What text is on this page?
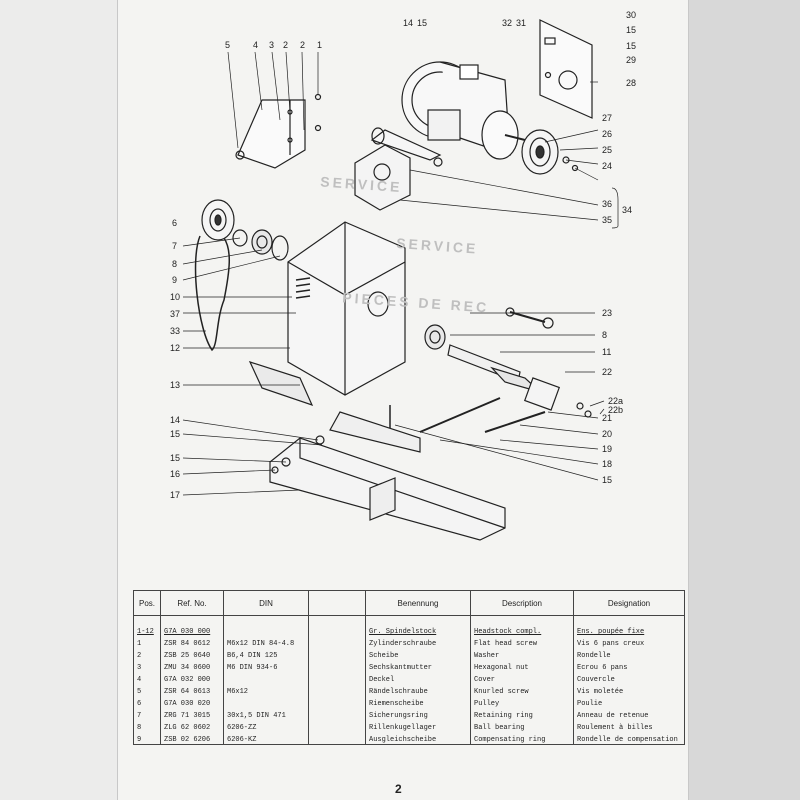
SERVICE
SERVICE
PIECES DE REC
1
2
2
3
4
5
6
7
8
9
10
37
33
12
13
14
15
15
16
17
14 15	32 31
30
15
15
29
28
27
26
25
24
36
35
34
23
8
11
22
22a
22b
21
20
19
18
15
Pos.	Ref. No.	DIN		Benennung	Description	Designation
1-12	G7A 030 000			Gr. Spindelstock	Headstock compl.	Ens. poupée fixe
1	ZSR 84 0612	M6x12 DIN 84-4.8		Zylinderschraube	Flat head screw	Vis 6 pans creux
2	ZSB 25 0640	B6,4 DIN 125		Scheibe	Washer	Rondelle
3	ZMU 34 0600	M6 DIN 934-6		Sechskantmutter	Hexagonal nut	Ecrou 6 pans
4	G7A 032 000			Deckel	Cover	Couvercle
5	ZSR 64 0613	M6x12		Rändelschraube	Knurled screw	Vis moletée
6	G7A 030 020			Riemenscheibe	Pulley	Poulie
7	ZRG 71 3015	30x1,5 DIN 471		Sicherungsring	Retaining ring	Anneau de retenue
8	ZLG 62 0602	6206-ZZ		Rillenkugellager	Ball bearing	Roulement à billes
9	ZSB 02 6206	6206-KZ		Ausgleichscheibe	Compensating ring	Rondelle de compensation
2
